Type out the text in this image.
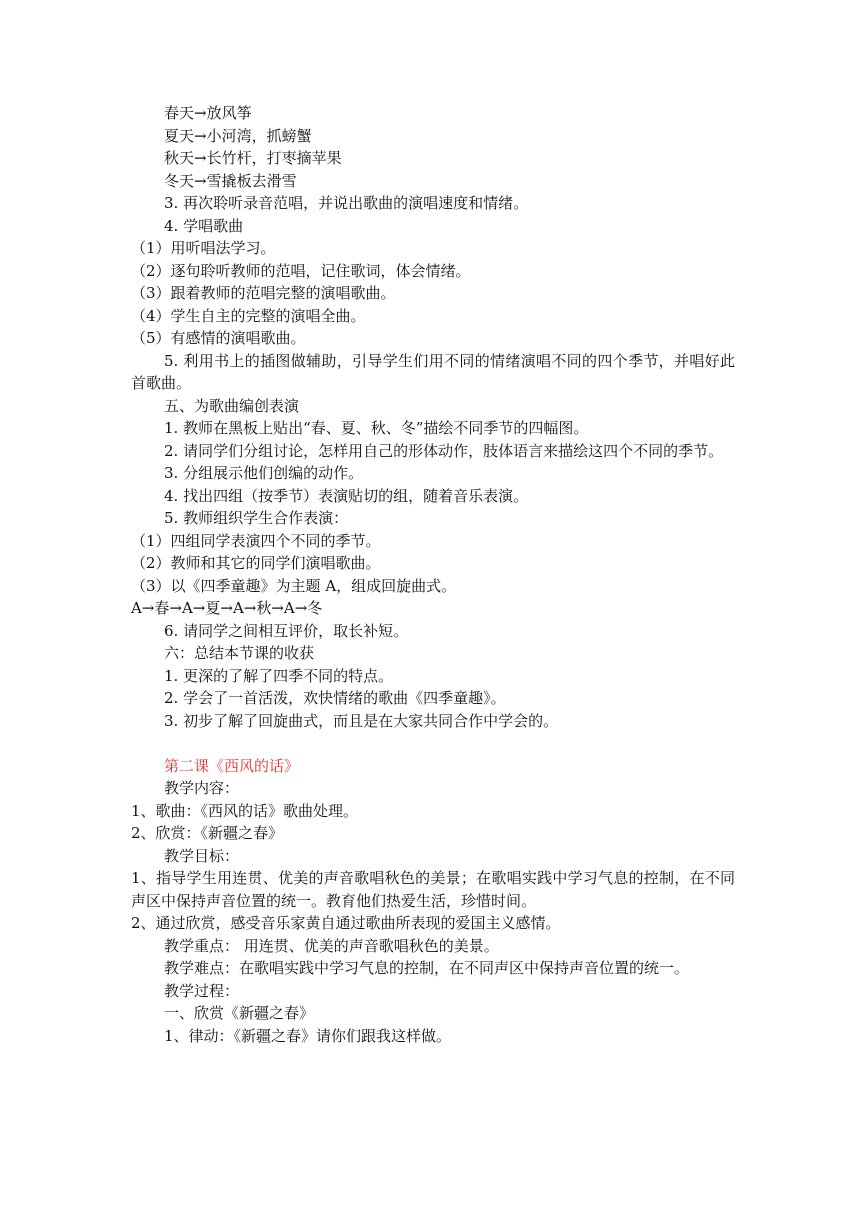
春天→放风筝
夏天→小河湾，抓螃蟹
秋天→长竹杆，打枣摘苹果
冬天→雪撬板去滑雪
3. 再次聆听录音范唱，并说出歌曲的演唱速度和情绪。
4. 学唱歌曲
（1）用听唱法学习。
（2）逐句聆听教师的范唱，记住歌词，体会情绪。
（3）跟着教师的范唱完整的演唱歌曲。
（4）学生自主的完整的演唱全曲。
（5）有感情的演唱歌曲。
5. 利用书上的插图做辅助，引导学生们用不同的情绪演唱不同的四个季节，并唱好此首歌曲。
五、为歌曲编创表演
1. 教师在黑板上贴出“春、夏、秋、冬”描绘不同季节的四幅图。
2. 请同学们分组讨论，怎样用自己的形体动作，肢体语言来描绘这四个不同的季节。
3. 分组展示他们创编的动作。
4. 找出四组（按季节）表演贴切的组，随着音乐表演。
5. 教师组织学生合作表演：
（1）四组同学表演四个不同的季节。
（2）教师和其它的同学们演唱歌曲。
（3）以《四季童趣》为主题 A，组成回旋曲式。
A→春→A→夏→A→秋→A→冬
6. 请同学之间相互评价，取长补短。
六：总结本节课的收获
1. 更深的了解了四季不同的特点。
2. 学会了一首活泼，欢快情绪的歌曲《四季童趣》。
3. 初步了解了回旋曲式，而且是在大家共同合作中学会的。
第二课《西风的话》
教学内容：
1、歌曲：《西风的话》歌曲处理。
2、欣赏：《新疆之春》
教学目标：
1、指导学生用连贯、优美的声音歌唱秋色的美景；在歌唱实践中学习气息的控制，在不同声区中保持声音位置的统一。教育他们热爱生活，珍惜时间。
2、通过欣赏，感受音乐家黄自通过歌曲所表现的爱国主义感情。
教学重点： 用连贯、优美的声音歌唱秋色的美景。
教学难点：在歌唱实践中学习气息的控制，在不同声区中保持声音位置的统一。
教学过程：
一、欣赏《新疆之春》
1、律动：《新疆之春》请你们跟我这样做。
